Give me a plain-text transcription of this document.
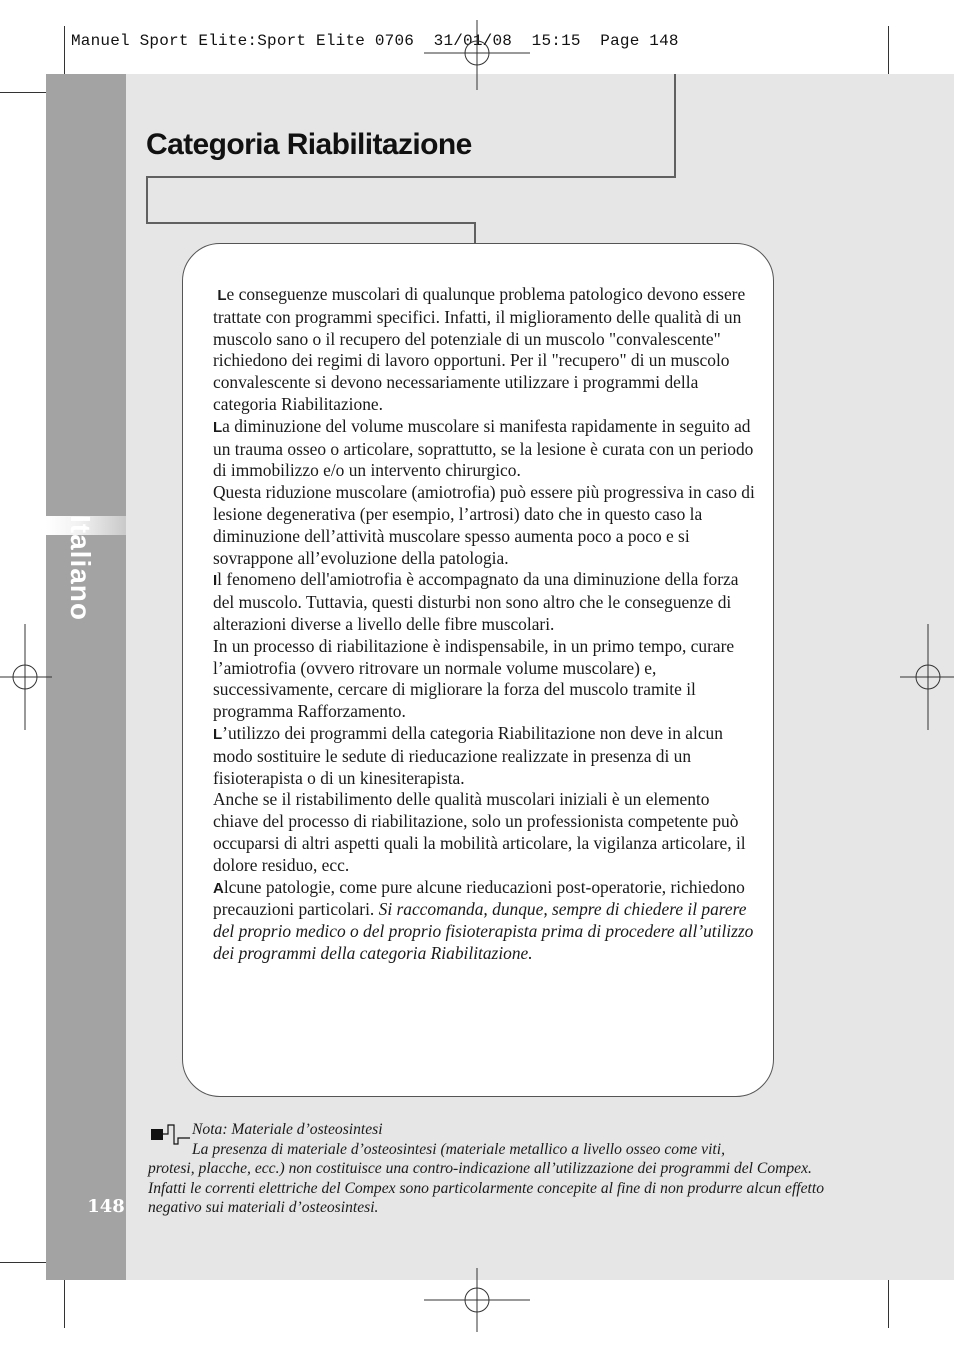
Italiano
148
Manuel Sport Elite:Sport Elite 0706  31/01/08  15:15  Page 148
Categoria Riabilitazione

Le conseguenze muscolari di qualunque problema patologico devono essere trattate con programmi specifici. Infatti, il miglioramento delle qualità di un muscolo sano o il recupero del potenziale di un muscolo "convalescente" richiedono dei regimi di lavoro opportuni. Per il "recupero" di un muscolo convalescente si devono necessariamente utilizzare i programmi della categoria Riabilitazione.

La diminuzione del volume muscolare si manifesta rapidamente in seguito ad un trauma osseo o articolare, soprattutto, se la lesione è curata con un periodo di immobilizzo e/o un intervento chirurgico.

Questa riduzione muscolare (amiotrofia) può essere più progressiva in caso di lesione degenerativa (per esempio, l’artrosi) dato che in questo caso la diminuzione dell’attività muscolare spesso aumenta poco a poco e si sovrappone all’evoluzione della patologia.

Il fenomeno dell'amiotrofia è accompagnato da una diminuzione della forza del muscolo. Tuttavia, questi disturbi non sono altro che le conseguenze di alterazioni diverse a livello delle fibre muscolari.

In un processo di riabilitazione è indispensabile, in un primo tempo, curare l’amiotrofia (ovvero ritrovare un normale volume muscolare) e, successivamente, cercare di migliorare la forza del muscolo tramite il programma Rafforzamento.

L’utilizzo dei programmi della categoria Riabilitazione non deve in alcun modo sostituire le sedute di rieducazione realizzate in presenza di un fisioterapista o di un kinesiterapista.

Anche se il ristabilimento delle qualità muscolari iniziali è un elemento chiave del processo di riabilitazione, solo un professionista competente può occuparsi di altri aspetti quali la mobilità articolare, la vigilanza articolare, il dolore residuo, ecc.

Alcune patologie, come pure alcune rieducazioni post-operatorie, richiedono precauzioni particolari. Si raccomanda, dunque, sempre di chiedere il parere del proprio medico o del proprio fisioterapista prima di procedere all’utilizzo dei programmi della categoria Riabilitazione.

Nota: Materiale d’osteosintesi
La presenza di materiale d’osteosintesi (materiale metallico a livello osseo come viti,
protesi, placche, ecc.) non costituisce una contro-indicazione all’utilizzazione dei programmi del Compex. Infatti le correnti elettriche del Compex sono particolarmente concepite al fine di non produrre alcun effetto negativo sui materiali d’osteosintesi.
